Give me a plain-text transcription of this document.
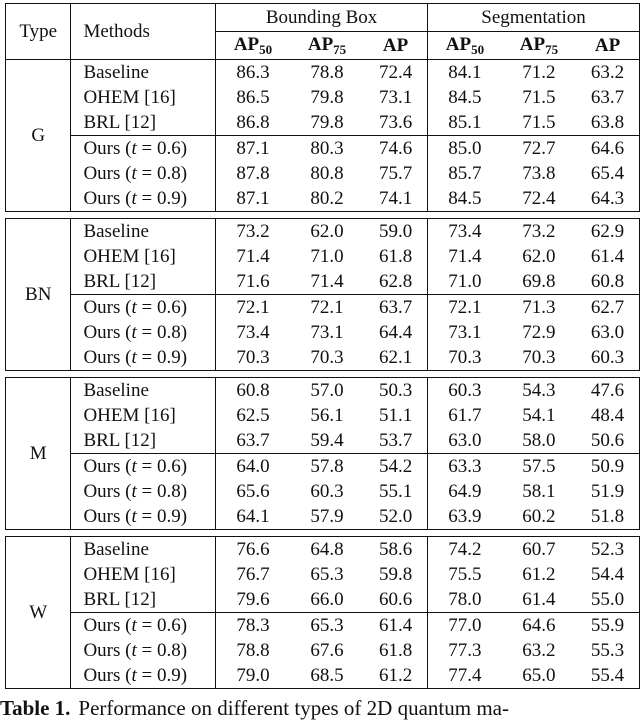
Type	Methods	Bounding Box			Segmentation		
		$AP_{50}$	$AP_{75}$	AP	$AP_{50}$	$AP_{75}$	AP
G	Baseline	86.3	78.8	72.4	84.1	71.2	63.2
	OHEM [16]	86.5	79.8	73.1	84.5	71.5	63.7
	BRL [12]	86.8	79.8	73.6	85.1	71.5	63.8
	Ours (t = 0.6)	87.1	80.3	74.6	85.0	72.7	64.6
	Ours (t = 0.8)	87.8	80.8	75.7	85.7	73.8	65.4
	Ours (t = 0.9)	87.1	80.2	74.1	84.5	72.4	64.3

BN	Baseline	73.2	62.0	59.0	73.4	73.2	62.9
	OHEM [16]	71.4	71.0	61.8	71.4	62.0	61.4
	BRL [12]	71.6	71.4	62.8	71.0	69.8	60.8
	Ours (t = 0.6)	72.1	72.1	63.7	72.1	71.3	62.7
	Ours (t = 0.8)	73.4	73.1	64.4	73.1	72.9	63.0
	Ours (t = 0.9)	70.3	70.3	62.1	70.3	70.3	60.3

M	Baseline	60.8	57.0	50.3	60.3	54.3	47.6
	OHEM [16]	62.5	56.1	51.1	61.7	54.1	48.4
	BRL [12]	63.7	59.4	53.7	63.0	58.0	50.6
	Ours (t = 0.6)	64.0	57.8	54.2	63.3	57.5	50.9
	Ours (t = 0.8)	65.6	60.3	55.1	64.9	58.1	51.9
	Ours (t = 0.9)	64.1	57.9	52.0	63.9	60.2	51.8

W	Baseline	76.6	64.8	58.6	74.2	60.7	52.3
	OHEM [16]	76.7	65.3	59.8	75.5	61.2	54.4
	BRL [12]	79.6	66.0	60.6	78.0	61.4	55.0
	Ours (t = 0.6)	78.3	65.3	61.4	77.0	64.6	55.9
	Ours (t = 0.8)	78.8	67.6	61.8	77.3	63.2	55.3
	Ours (t = 0.9)	79.0	68.5	61.2	77.4	65.0	55.4
Table 1. Performance on different types of 2D quantum ma-
